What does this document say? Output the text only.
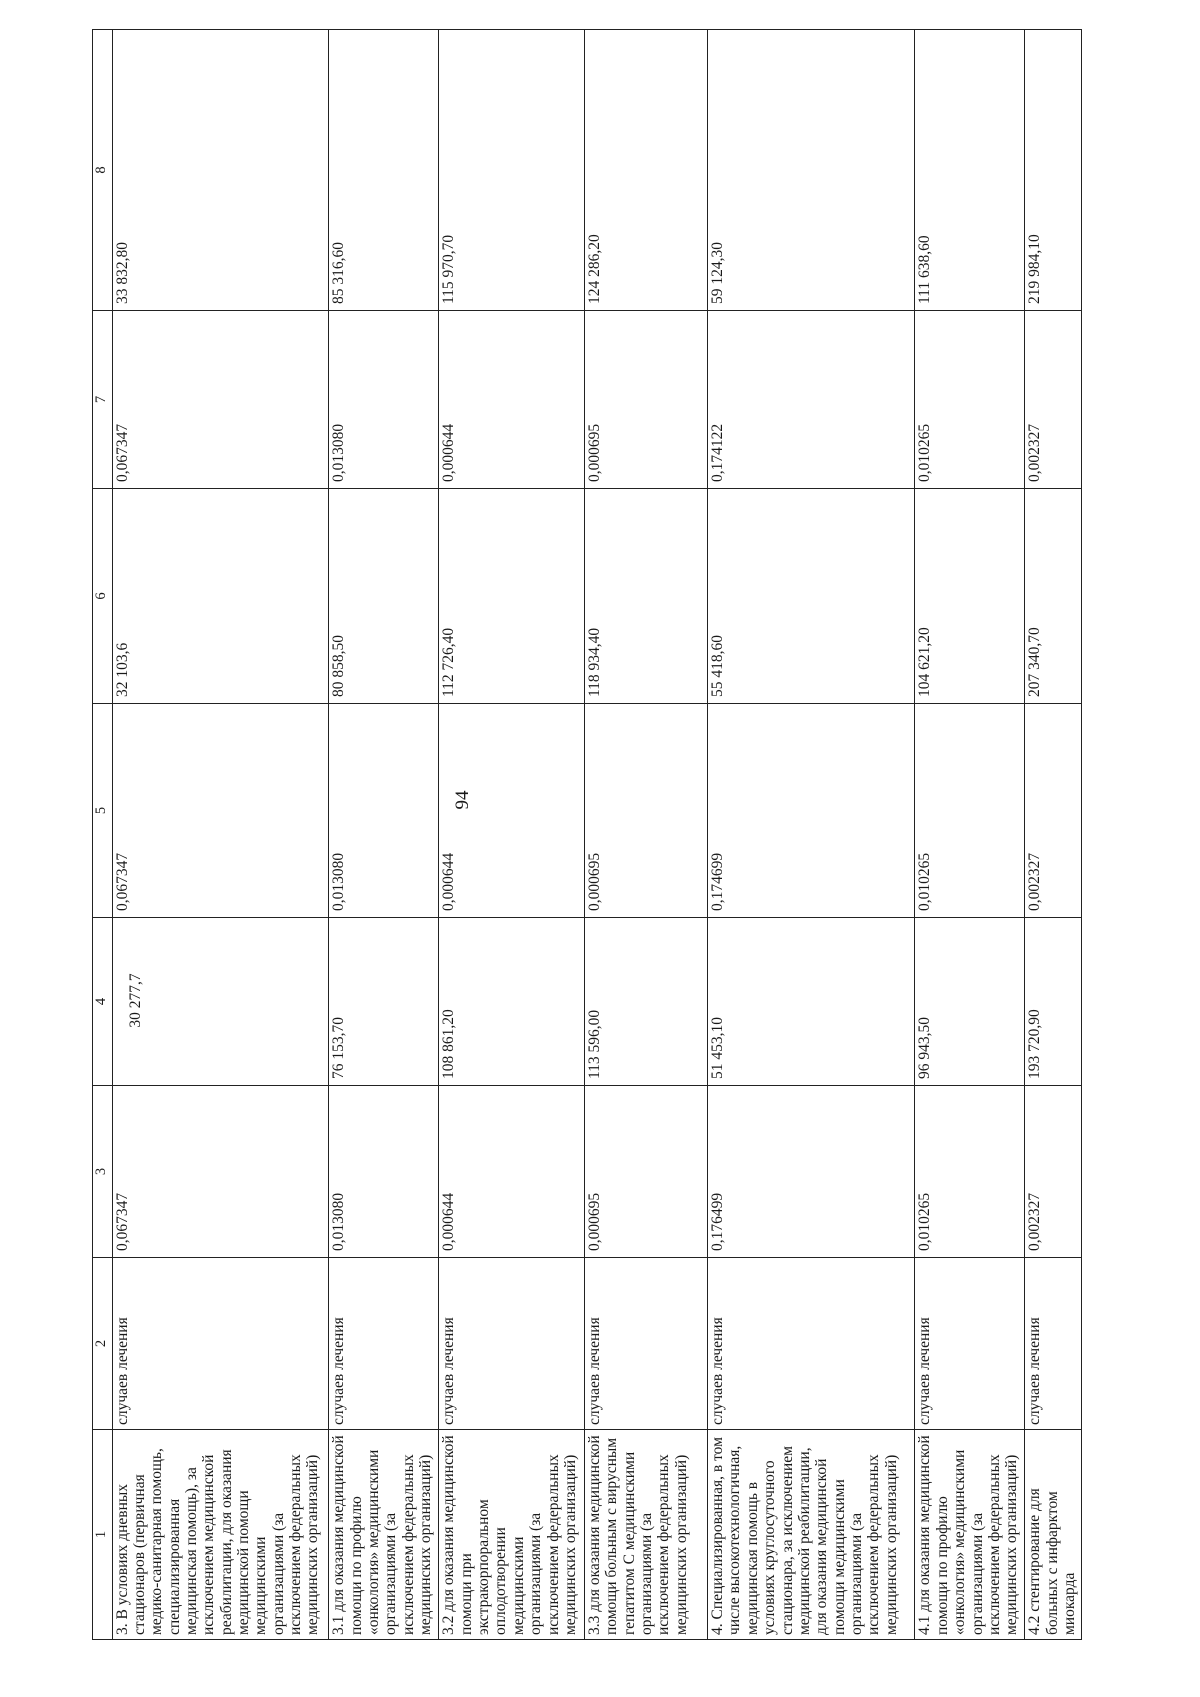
94
1	2	3	4	5	6	7	8
3. В условиях дневных стационаров (первичная медико-санитарная помощь, специализированная медицинская помощь), за исключением медицинской реабилитации, для оказания медицинской помощи медицинскими организациями (за исключением федеральных медицинских организаций)	случаев лечения	0,067347	30 277,7	0,067347	32 103,6	0,067347	33 832,80
3.1 для оказания медицинской помощи по профилю «онкология» медицинскими организациями (за исключением федеральных медицинских организаций)	случаев лечения	0,013080	76 153,70	0,013080	80 858,50	0,013080	85 316,60
3.2 для оказания медицинской помощи при экстракорпоральном оплодотворении медицинскими организациями (за исключением федеральных медицинских организаций)	случаев лечения	0,000644	108 861,20	0,000644	112 726,40	0,000644	115 970,70
3.3 для оказания медицинской помощи больным с вирусным гепатитом С медицинскими организациями (за исключением федеральных медицинских организаций)	случаев лечения	0,000695	113 596,00	0,000695	118 934,40	0,000695	124 286,20
4. Специализированная, в том числе высокотехнологичная, медицинская помощь в условиях круглосуточного стационара, за исключением медицинской реабилитации, для оказания медицинской помощи медицинскими организациями (за исключением федеральных медицинских организаций)	случаев лечения	0,176499	51 453,10	0,174699	55 418,60	0,174122	59 124,30
4.1 для оказания медицинской помощи по профилю «онкология» медицинскими организациями (за исключением федеральных медицинских организаций)	случаев лечения	0,010265	96 943,50	0,010265	104 621,20	0,010265	111 638,60
4.2 стентирование для больных с инфарктом миокарда	случаев лечения	0,002327	193 720,90	0,002327	207 340,70	0,002327	219 984,10
